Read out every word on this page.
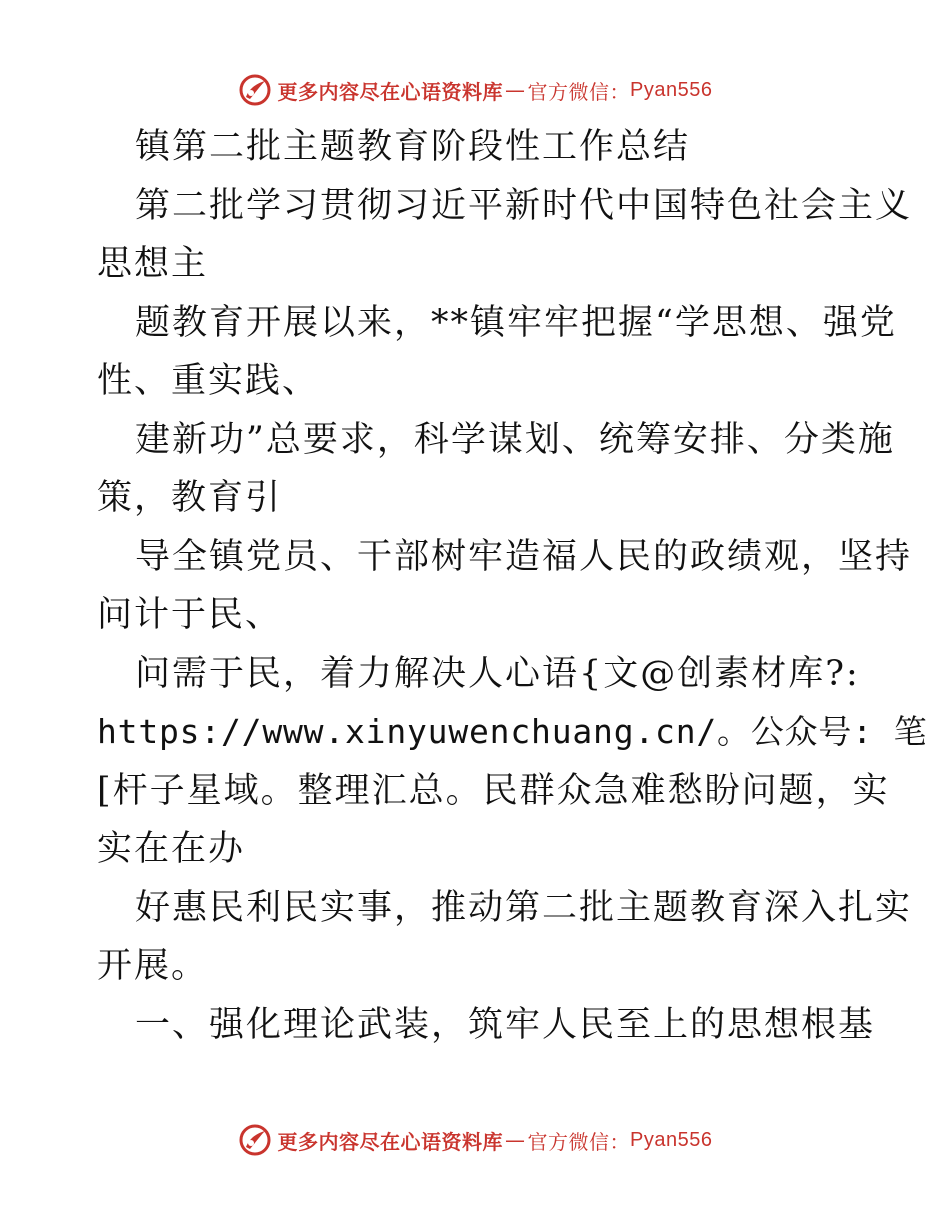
更多内容尽在心语资料库 — 官方微信： Pyan556
镇第二批主题教育阶段性工作总结
第二批学习贯彻习近平新时代中国特色社会主义
思想主
题教育开展以来，**镇牢牢把握“学思想、强党
性、重实践、
建新功”总要求，科学谋划、统筹安排、分类施
策，教育引
导全镇党员、干部树牢造福人民的政绩观，坚持
问计于民、
问需于民，着力解决人心语{文@创素材库?:
https://www.xinyuwenchuang.cn/。公众号: 笔
[杆子星域。整理汇总。民群众急难愁盼问题，实
实在在办
好惠民利民实事，推动第二批主题教育深入扎实
开展。
一、强化理论武装，筑牢人民至上的思想根基
更多内容尽在心语资料库 — 官方微信： Pyan556
